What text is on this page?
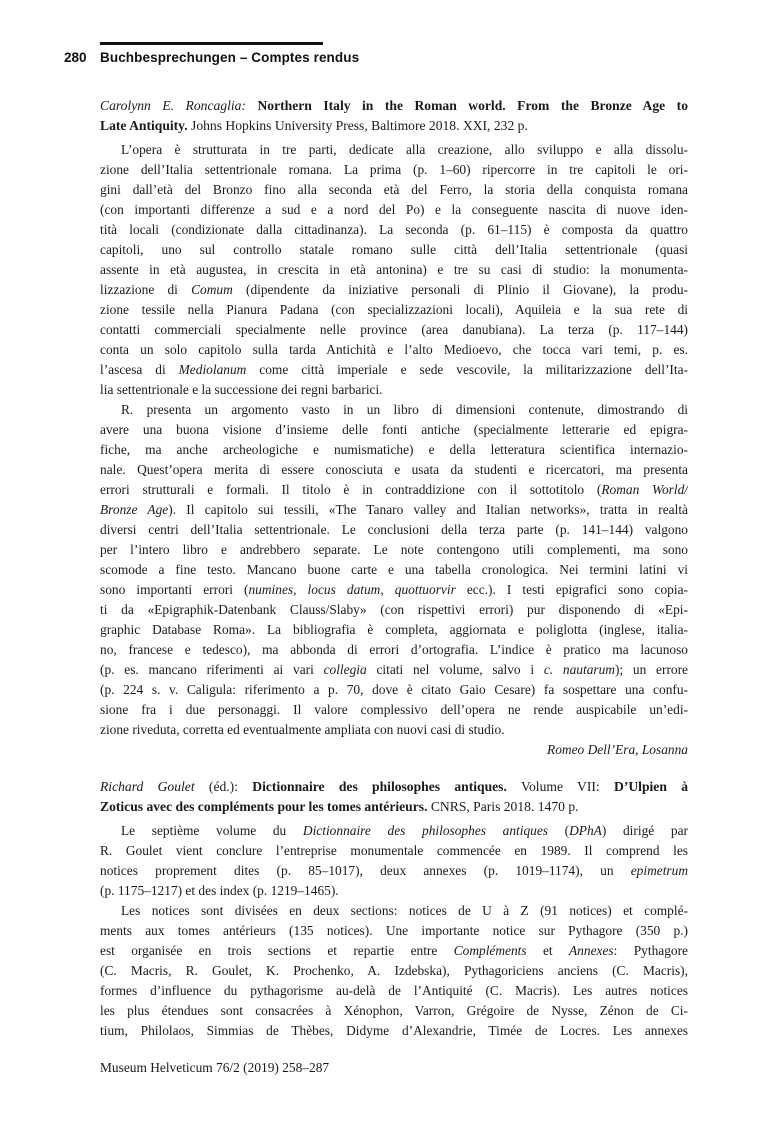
280 Buchbesprechungen – Comptes rendus
Carolynn E. Roncaglia: Northern Italy in the Roman world. From the Bronze Age to
Late Antiquity. Johns Hopkins University Press, Baltimore 2018. XXI, 232 p.
L’opera è strutturata in tre parti, dedicate alla creazione, allo sviluppo e alla dissolu-
zione dell’Italia settentrionale romana. La prima (p. 1–60) ripercorre in tre capitoli le ori-
gini dall’età del Bronzo fino alla seconda età del Ferro, la storia della conquista romana
(con importanti differenze a sud e a nord del Po) e la conseguente nascita di nuove iden-
tità locali (condizionate dalla cittadinanza). La seconda (p. 61–115) è composta da quattro
capitoli, uno sul controllo statale romano sulle città dell’Italia settentrionale (quasi
assente in età augustea, in crescita in età antonina) e tre su casi di studio: la monumenta-
lizzazione di Comum (dipendente da iniziative personali di Plinio il Giovane), la produ-
zione tessile nella Pianura Padana (con specializzazioni locali), Aquileia e la sua rete di
contatti commerciali specialmente nelle province (area danubiana). La terza (p. 117–144)
conta un solo capitolo sulla tarda Antichità e l’alto Medioevo, che tocca vari temi, p. es.
l’ascesa di Mediolanum come città imperiale e sede vescovile, la militarizzazione dell’Ita-
lia settentrionale e la successione dei regni barbarici.
R. presenta un argomento vasto in un libro di dimensioni contenute, dimostrando di
avere una buona visione d’insieme delle fonti antiche (specialmente letterarie ed epigra-
fiche, ma anche archeologiche e numismatiche) e della letteratura scientifica internazio-
nale. Quest’opera merita di essere conosciuta e usata da studenti e ricercatori, ma presenta
errori strutturali e formali. Il titolo è in contraddizione con il sottotitolo (Roman World/
Bronze Age). Il capitolo sui tessili, «The Tanaro valley and Italian networks», tratta in realtà
diversi centri dell’Italia settentrionale. Le conclusioni della terza parte (p. 141–144) valgono
per l’intero libro e andrebbero separate. Le note contengono utili complementi, ma sono
scomode a fine testo. Mancano buone carte e una tabella cronologica. Nei termini latini vi
sono importanti errori (numines, locus datum, quottuorvir ecc.). I testi epigrafici sono copia-
ti da «Epigraphik-Datenbank Clauss/Slaby» (con rispettivi errori) pur disponendo di «Epi-
graphic Database Roma». La bibliografia è completa, aggiornata e poliglotta (inglese, italia-
no, francese e tedesco), ma abbonda di errori d’ortografia. L’indice è pratico ma lacunoso
(p. es. mancano riferimenti ai vari collegia citati nel volume, salvo i c. nautarum); un errore
(p. 224 s. v. Caligula: riferimento a p. 70, dove è citato Gaio Cesare) fa sospettare una confu-
sione fra i due personaggi. Il valore complessivo dell’opera ne rende auspicabile un’edi-
zione riveduta, corretta ed eventualmente ampliata con nuovi casi di studio.
Romeo Dell’Era, Losanna
Richard Goulet (éd.): Dictionnaire des philosophes antiques. Volume VII: D’Ulpien à
Zoticus avec des compléments pour les tomes antérieurs. CNRS, Paris 2018. 1470 p.
Le septième volume du Dictionnaire des philosophes antiques (DPhA) dirigé par
R. Goulet vient conclure l’entreprise monumentale commencée en 1989. Il comprend les
notices proprement dites (p. 85–1017), deux annexes (p. 1019–1174), un epimetrum
(p. 1175–1217) et des index (p. 1219–1465).
Les notices sont divisées en deux sections: notices de U à Z (91 notices) et complé-
ments aux tomes antérieurs (135 notices). Une importante notice sur Pythagore (350 p.)
est organisée en trois sections et repartie entre Compléments et Annexes: Pythagore
(C. Macris, R. Goulet, K. Prochenko, A. Izdebska), Pythagoriciens anciens (C. Macris),
formes d’influence du pythagorisme au-delà de l’Antiquité (C. Macris). Les autres notices
les plus étendues sont consacrées à Xénophon, Varron, Grégoire de Nysse, Zénon de Ci-
tium, Philolaos, Simmias de Thèbes, Didyme d’Alexandrie, Timée de Locres. Les annexes
Museum Helveticum 76/2 (2019) 258–287
